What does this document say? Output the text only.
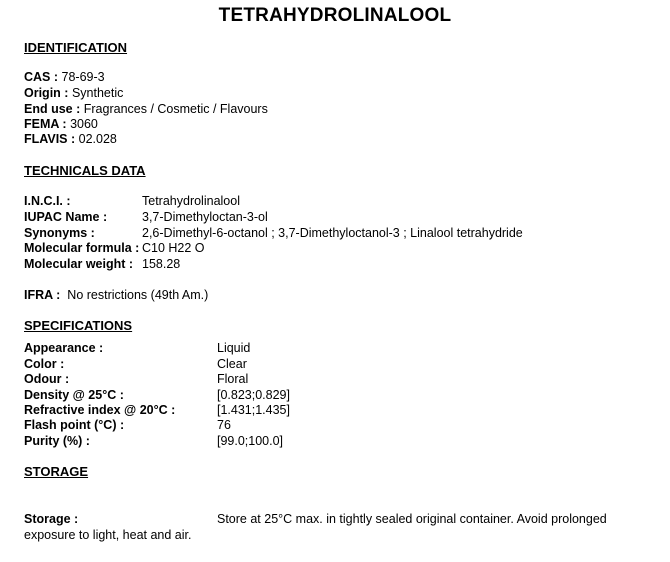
TETRAHYDROLINALOOL
IDENTIFICATION
CAS : 78-69-3
Origin : Synthetic
End use : Fragrances / Cosmetic / Flavours
FEMA : 3060
FLAVIS : 02.028
TECHNICALS DATA
I.N.C.I. :	Tetrahydrolinalool
IUPAC Name :	3,7-Dimethyloctan-3-ol
Synonyms :	2,6-Dimethyl-6-octanol ; 3,7-Dimethyloctanol-3 ; Linalool tetrahydride
Molecular formula : C10 H22 O
Molecular weight : 158.28
IFRA : No restrictions (49th Am.)
SPECIFICATIONS
Appearance :	Liquid
Color :	Clear
Odour :	Floral
Density @ 25°C :	[0.823;0.829]
Refractive index @ 20°C :	[1.431;1.435]
Flash point (°C) :	76
Purity (%) :	[99.0;100.0]
STORAGE
Storage :	Store at 25°C max. in tightly sealed original container. Avoid prolonged
exposure to light, heat and air.
